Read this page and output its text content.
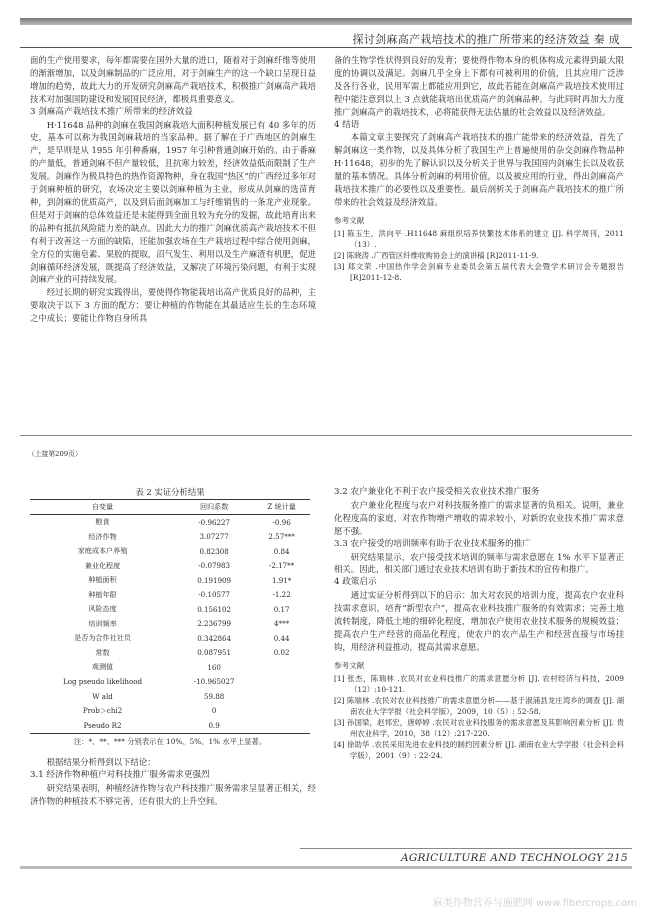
探讨剑麻高产栽培技术的推广所带来的经济效益 秦 成

面的生产使用要求，每年都需要在国外大量的进口，随着对于剑麻纤维等使用的渐渐增加，以及剑麻制品的广泛应用，对于剑麻生产的这一个缺口呈现日益增加的趋势，故此大力的开发研究剑麻高产栽培技术，积极推广剑麻高产栽培技术对加强国防建设和发展国民经济，都极具重要意义。

3 剑麻高产栽培技术推广所带来的经济效益

H·11648 品种的剑麻在我国剑麻栽培大面积种植发展已有 40 多年的历史，基本可以称为我国剑麻栽培的当家品种。据了解在于广西地区的剑麻生产，是早则是从 1955 年引种番麻，1957 年引种普通剑麻开始的。由于番麻的产量低，普通剑麻不但产量较低，且抗寒力较差，经济效益低而限制了生产发展。剑麻作为极具特色的热作资源物种，身在我国“热区”的广西经过多年对于剑麻种植的研究，农场决定主要以剑麻种植为主业，形成从剑麻的选苗育种，到剑麻的优质高产，以及到后面剑麻加工与纤维销售的一条龙产业现象。但是对于剑麻的总体效益还是未能得到全面且较为充分的发掘，故此培育出来的品种有抵抗风险能力差的缺点。因此大力的推广剑麻优质高产栽培技术不但有利于改善这一方面的缺陷，还能加强农场在生产栽培过程中综合使用剑麻，全方位的实施皂素、果胶的提取，沼气发生、利用以及生产麻渣有机肥，促进剑麻循环经济发展，既提高了经济效益，又解决了环境污染问题，有利于实现剑麻产业的可持续发展。

经过长期的研究实践得出，要使得作物能栽培出高产优质良好的品种，主要取决于以下 3 方面的配方：要让种植的作物能在其最适应生长的生态环境之中成长；要能让作物自身所具

备的生物学性状得到良好的发育；要使得作物本身的机体构成元素得到最大限度的协调以及满足。剑麻几乎全身上下都有可被利用的价值，且其应用广泛涉及各行各业，民用军需上都能应用到它，故此若能在剑麻高产栽培技术使用过程中能注意到以上 3 点就能栽培出优质高产的剑麻品种。与此同时再加大力度推广剑麻高产的栽培技术，必将能获得无法估量的社会效益以及经济效益。

4 结语

本篇文章主要探究了剑麻高产栽培技术的推广能带来的经济效益，首先了解剑麻这一类作物，以及具体分析了我国生产上普遍使用的杂交剑麻作物品种 H·11648，初步的先了解认识以及分析关于世界与我国国内剑麻生长以及收获量的基本情况。具体分析剑麻的利用价值，以及被应用的行业，得出剑麻高产栽培技术推广的必要性以及重要性。最后剖析关于剑麻高产栽培技术的推广所带来的社会效益及经济效益。

参考文献

[1] 陈玉生，洪向平 .H11648 麻组织培养快繁技术体系的建立 [J]. 科学周刊，2011（13）.

[2] 陈晓涛 .广西管区纤维收购协会上的演讲稿 [R]2011-11-9.

[3] 郑文荣 .中国热作学会剑麻专业委员会第五届代表大会暨学术研讨会专题报告 [R]2011-12-8.

（上接第209页）
表 2 实证分析结果
自变量	回归系数	Z 统计量
粮食	-0.96227	-0.96
经济作物	3.07277	2.57***
家庭成本户养殖	0.82308	0.84
兼业化程度	-0.07983	-2.17**
种植面积	0.191909	1.91*
种植年限	-0.10577	-1.22
风险态度	0.156102	0.17
培训频率	2.236799	4***
是否为合作社社员	0.342864	0.44
常数	0.087951	0.02
观测值	160	
Log pseudo likelihood	-10.965027	
W ald	59.88	
Prob＞chi2	0	
Pseudo R2	0.9	
注：*、**、*** 分别表示在 10%、5%、1% 水平上显著。

根据结果分析得到以下结论：

3.1 经济作物种植户对科技推广服务需求更强烈

研究结果表明，种植经济作物与农户科技推广服务需求呈显著正相关，经济作物的种植技术不够完善，还有很大的上升空间。

3.2 农户兼业化不利于农户接受相关农业技术推广服务

农户兼业化程度与农户对科技服务推广的需求显著的负相关。说明，兼业化程度高的家庭，对农作物增产增收的需求较小，对新的农业技术推广需求意愿不强。

3.3 农户接受的培训频率有助于农业技术服务的推广

研究结果显示，农户接受技术培训的频率与需求意愿在 1% 水平下显著正相关。因此，相关部门通过农业技术培训有助于新技术的宣传和推广。

4 政策启示

通过实证分析得到以下的启示：加大对农民的培训力度，提高农户农业科技需求意识，培育“新型农户”，提高农业科技推广服务的有效需求；完善土地流转制度，降低土地的细碎化程度，增加农户使用农业技术服务的规模效益；提高农户生产经营的商品化程度，使农户的农产品生产和经营直接与市场挂钩，用经济利益推动，提高其需求意愿。

参考文献

[1] 张杰，陈瑞林 .农民对农业科技推广的需求意愿分析 [J]. 农村经济与科技，2009（12）:10-121.

[2] 陈瑞林 .农民对农业科技推广的需求意愿分析——基于淑浦县龙庄湾乡的调查 [J]. 湖南农业大学学报（社会科学版），2009，10（5）: 52-58.

[3] 孙国梁，赵邦宏，唐婷婷 .农民对农业科技服务的需求意愿及其影响因素分析 [J]. 贵州农业科学，2010，38（12）:217-220.

[4] 徐助华 .农民采用先进农业科技的制约因素分析 [J]. 湖南农业大学学报（社会科会科学版），2001（9）: 22-24.

AGRICULTURE AND TECHNOLOGY 215
麻类作物营养与施肥网 www.fibercrops.com
